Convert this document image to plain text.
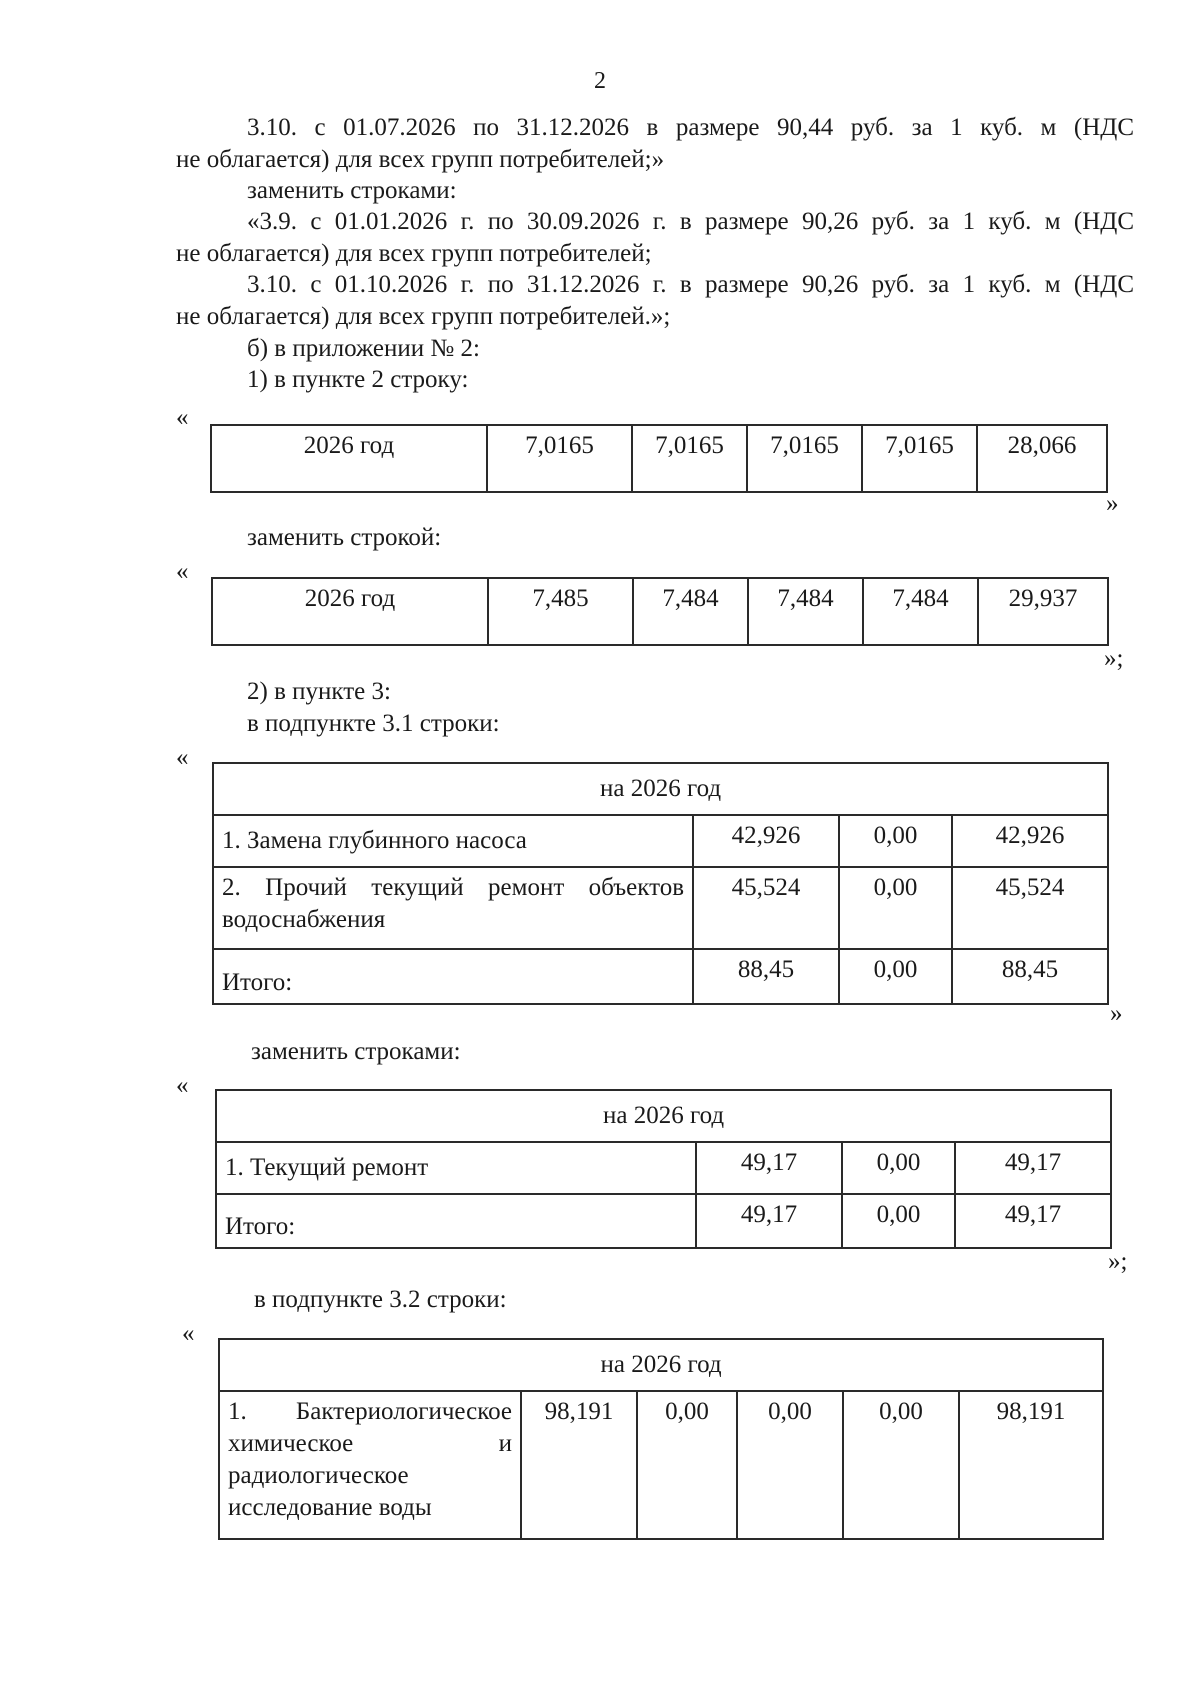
2
3.10. с 01.07.2026 по 31.12.2026 в размере 90,44 руб. за 1 куб. м (НДС
не облагается) для всех групп потребителей;»
заменить строками:
«3.9. с 01.01.2026 г. по 30.09.2026 г. в размере 90,26 руб. за 1 куб. м (НДС
не облагается) для всех групп потребителей;
3.10. с 01.10.2026 г. по 31.12.2026 г. в размере 90,26 руб. за 1 куб. м (НДС
не облагается) для всех групп потребителей.»;
б) в приложении № 2:
1) в пункте 2 строку:
«
2026 год	7,0165	7,0165	7,0165	7,0165	28,066
»
заменить строкой:
«
2026 год	7,485	7,484	7,484	7,484	29,937
»;
2) в пункте 3:
в подпункте 3.1 строки:
«
на 2026 год			
1. Замена глубинного насоса	42,926	0,00	42,926

2. Прочий текущий ремонт объектов
водоснабжения	45,524	0,00	45,524
Итого:	88,45	0,00	88,45
»
заменить строками:
«
на 2026 год			
1. Текущий ремонт	49,17	0,00	49,17
Итого:	49,17	0,00	49,17
»;
в подпункте 3.2 строки:
«
на 2026 год

1. Бактериологическое
химическое и
радиологическое
исследование воды
	98,191	0,00	0,00	0,00	98,191
